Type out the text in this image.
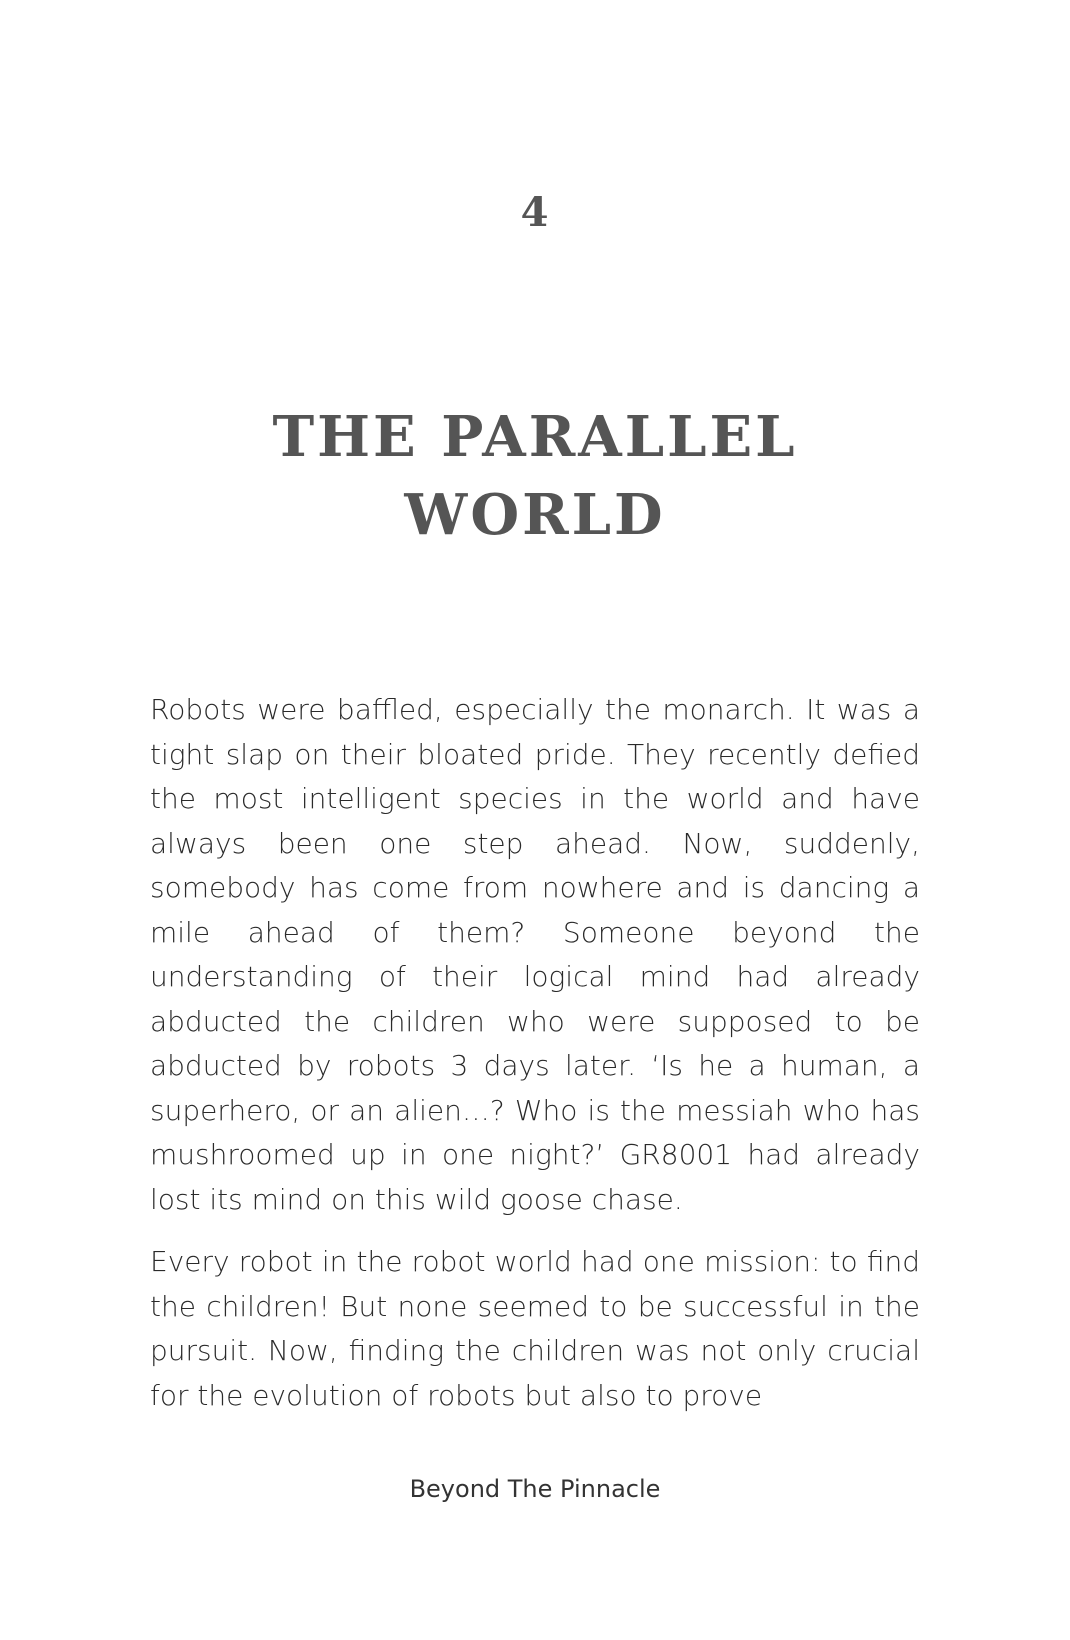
4
THE PARALLEL
WORLD

Robots were baffled, especially the monarch. It was a tight slap on their bloated pride. They recently defied the most intelligent species in the world and have always been one step ahead. Now, suddenly, somebody has come from nowhere and is dancing a mile ahead of them? Someone beyond the understanding of their logical mind had already abducted the children who were supposed to be abducted by robots 3 days later. ‘Is he a human, a superhero, or an alien…? Who is the messiah who has mushroomed up in one night?’ GR8001 had already lost its mind on this wild goose chase.

Every robot in the robot world had one mission: to find the children! But none seemed to be successful in the pursuit. Now, finding the children was not only crucial for the evolution of robots but also to prove

Beyond The Pinnacle
